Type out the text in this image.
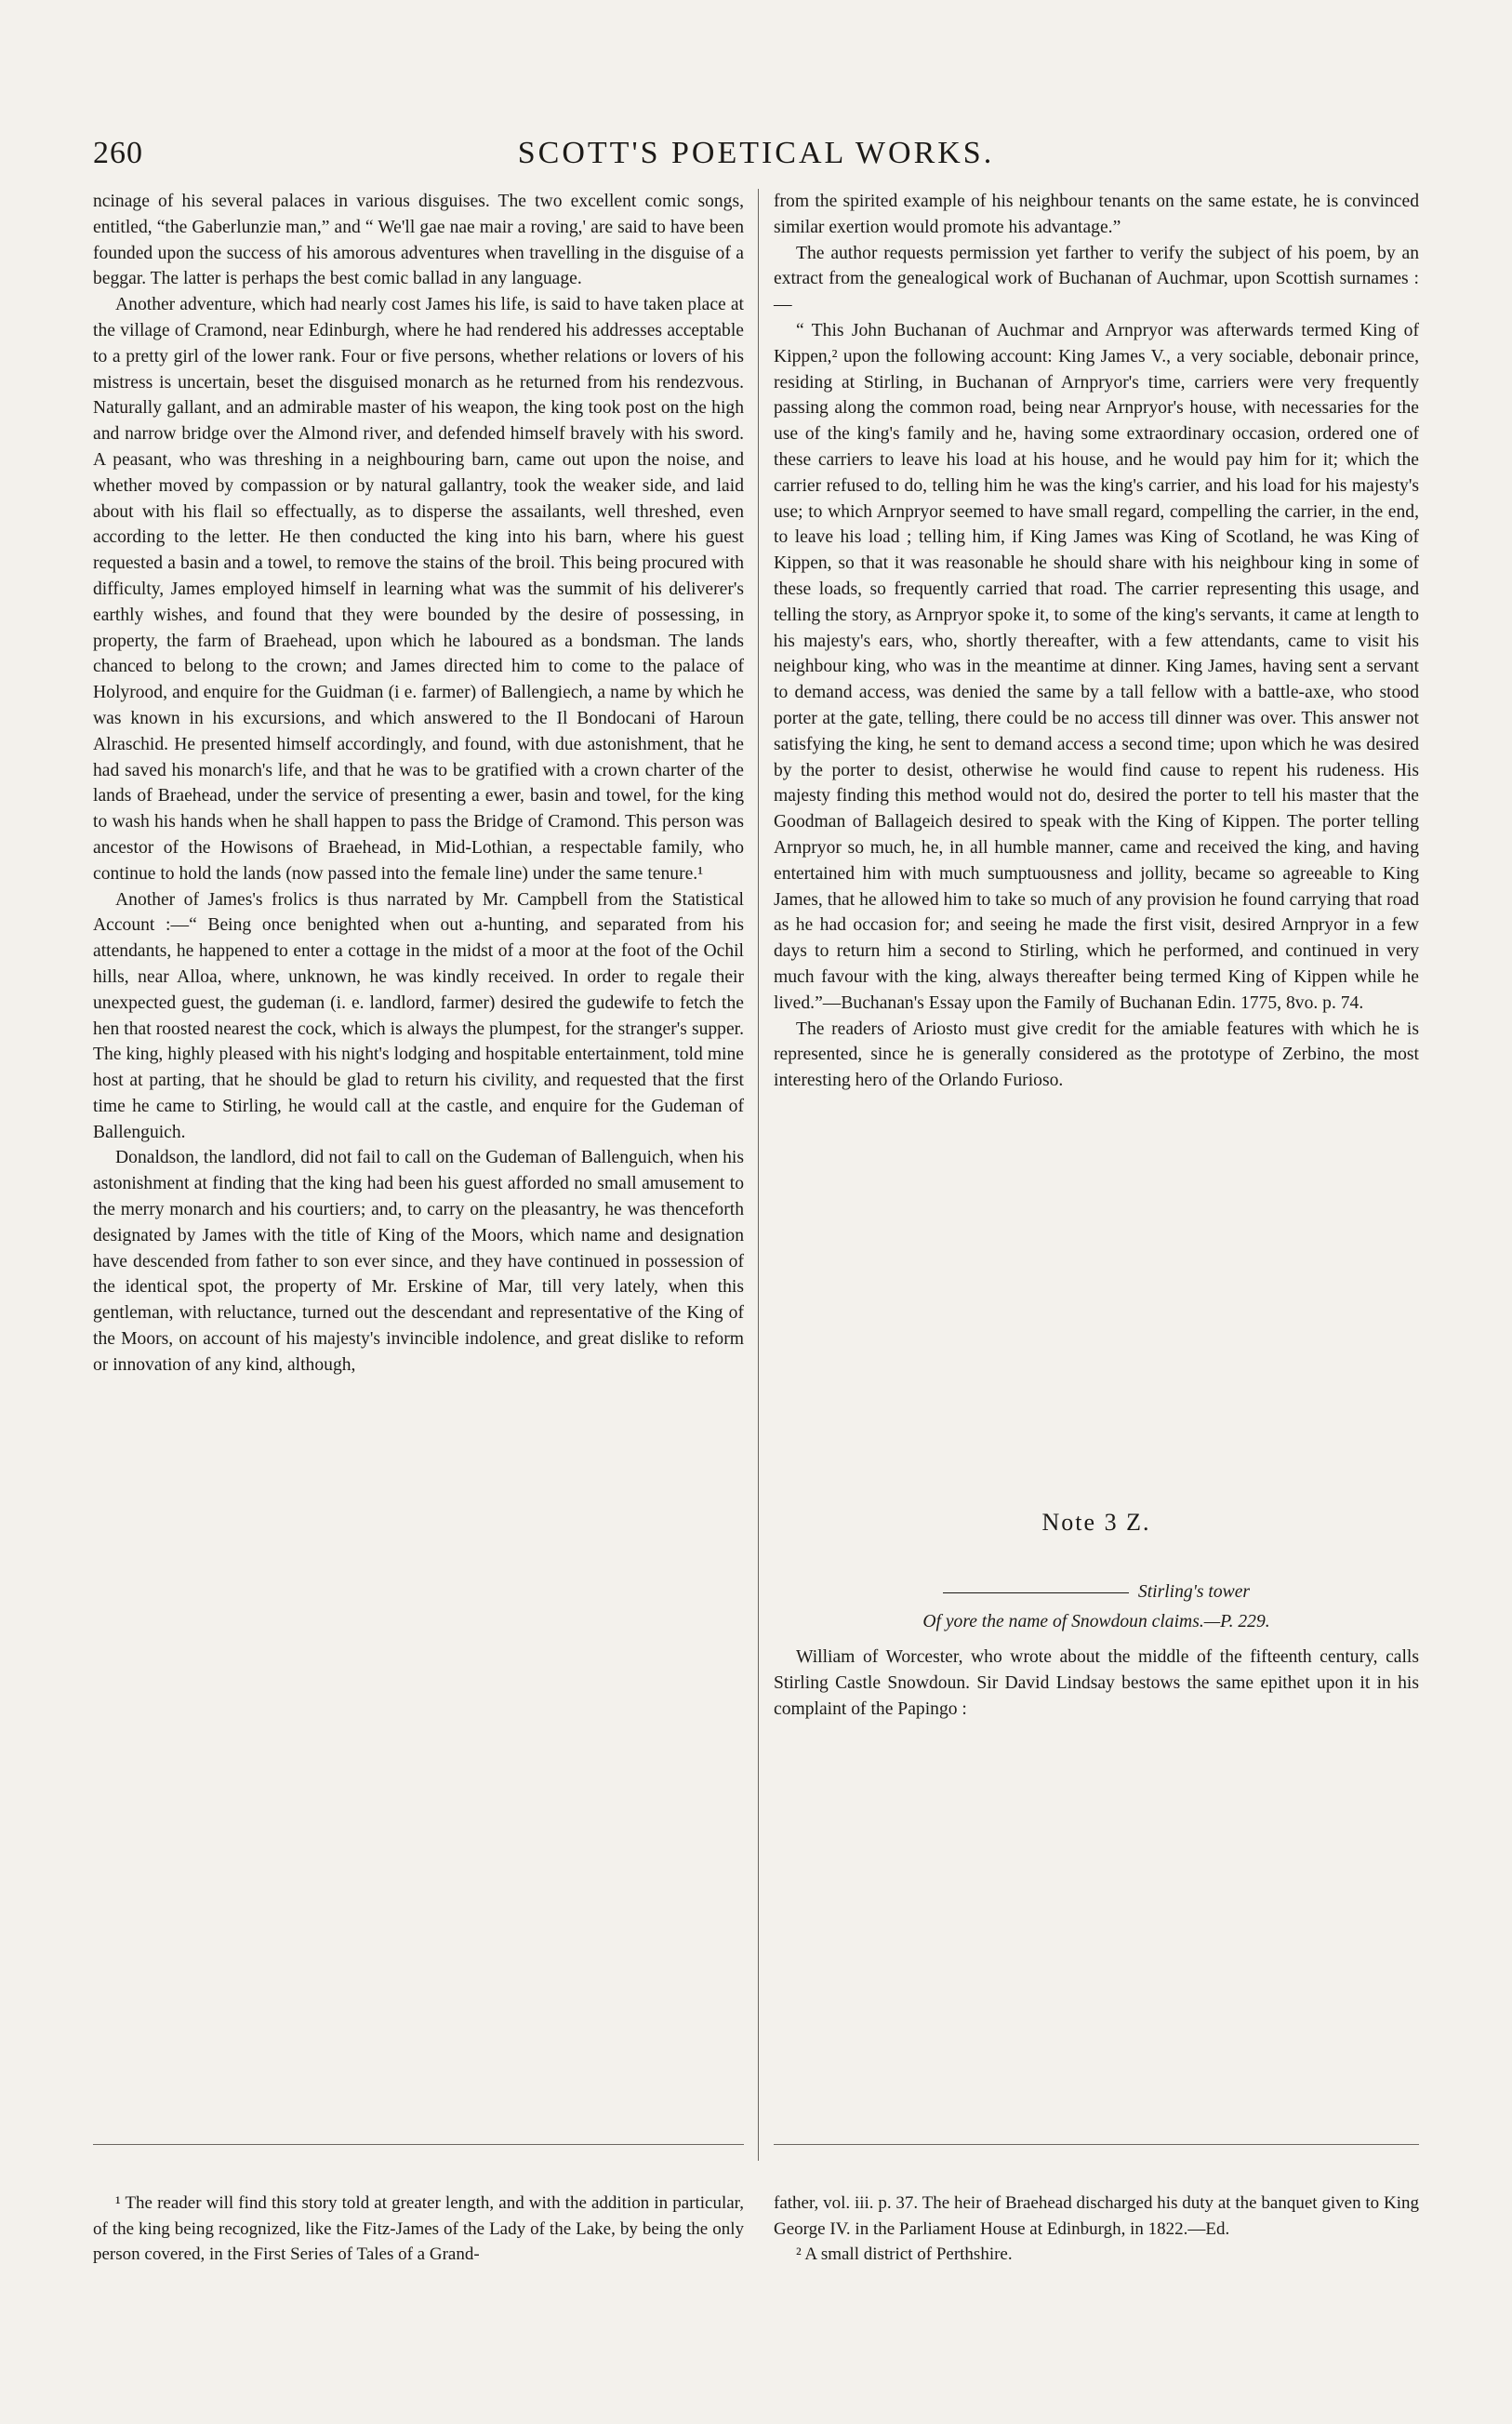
260	SCOTT'S POETICAL WORKS.

ncinage of his several palaces in various disguises. The two excellent comic songs, entitled, “the Gaberlunzie man,” and “ We'll gae nae mair a roving,' are said to have been founded upon the success of his amorous adventures when travelling in the disguise of a beggar. The latter is perhaps the best comic ballad in any language.

Another adventure, which had nearly cost James his life, is said to have taken place at the village of Cramond, near Edinburgh, where he had rendered his addresses acceptable to a pretty girl of the lower rank. Four or five persons, whether relations or lovers of his mistress is uncertain, beset the disguised monarch as he returned from his rendezvous. Naturally gallant, and an admirable master of his weapon, the king took post on the high and narrow bridge over the Almond river, and defended himself bravely with his sword. A peasant, who was threshing in a neighbouring barn, came out upon the noise, and whether moved by compassion or by natural gallantry, took the weaker side, and laid about with his flail so effectually, as to disperse the assailants, well threshed, even according to the letter. He then conducted the king into his barn, where his guest requested a basin and a towel, to remove the stains of the broil. This being procured with difficulty, James employed himself in learning what was the summit of his deliverer's earthly wishes, and found that they were bounded by the desire of possessing, in property, the farm of Braehead, upon which he laboured as a bondsman. The lands chanced to belong to the crown; and James directed him to come to the palace of Holyrood, and enquire for the Guidman (i e. farmer) of Ballengiech, a name by which he was known in his excursions, and which answered to the Il Bondocani of Haroun Alraschid. He presented himself accordingly, and found, with due astonishment, that he had saved his monarch's life, and that he was to be gratified with a crown charter of the lands of Braehead, under the service of presenting a ewer, basin and towel, for the king to wash his hands when he shall happen to pass the Bridge of Cramond. This person was ancestor of the Howisons of Braehead, in Mid-Lothian, a respectable family, who continue to hold the lands (now passed into the female line) under the same tenure.¹

Another of James's frolics is thus narrated by Mr. Campbell from the Statistical Account :—“ Being once benighted when out a-hunting, and separated from his attendants, he happened to enter a cottage in the midst of a moor at the foot of the Ochil hills, near Alloa, where, unknown, he was kindly received. In order to regale their unexpected guest, the gudeman (i. e. landlord, farmer) desired the gudewife to fetch the hen that roosted nearest the cock, which is always the plumpest, for the stranger's supper. The king, highly pleased with his night's lodging and hospitable entertainment, told mine host at parting, that he should be glad to return his civility, and requested that the first time he came to Stirling, he would call at the castle, and enquire for the Gudeman of Ballenguich.

Donaldson, the landlord, did not fail to call on the Gudeman of Ballenguich, when his astonishment at finding that the king had been his guest afforded no small amusement to the merry monarch and his courtiers; and, to carry on the pleasantry, he was thenceforth designated by James with the title of King of the Moors, which name and designation have descended from father to son ever since, and they have continued in possession of the identical spot, the property of Mr. Erskine of Mar, till very lately, when this gentleman, with reluctance, turned out the descendant and representative of the King of the Moors, on account of his majesty's invincible indolence, and great dislike to reform or innovation of any kind, although,

from the spirited example of his neighbour tenants on the same estate, he is convinced similar exertion would promote his advantage.”

The author requests permission yet farther to verify the subject of his poem, by an extract from the genealogical work of Buchanan of Auchmar, upon Scottish surnames :—

“ This John Buchanan of Auchmar and Arnpryor was afterwards termed King of Kippen,² upon the following account: King James V., a very sociable, debonair prince, residing at Stirling, in Buchanan of Arnpryor's time, carriers were very frequently passing along the common road, being near Arnpryor's house, with necessaries for the use of the king's family and he, having some extraordinary occasion, ordered one of these carriers to leave his load at his house, and he would pay him for it; which the carrier refused to do, telling him he was the king's carrier, and his load for his majesty's use; to which Arnpryor seemed to have small regard, compelling the carrier, in the end, to leave his load ; telling him, if King James was King of Scotland, he was King of Kippen, so that it was reasonable he should share with his neighbour king in some of these loads, so frequently carried that road. The carrier representing this usage, and telling the story, as Arnpryor spoke it, to some of the king's servants, it came at length to his majesty's ears, who, shortly thereafter, with a few attendants, came to visit his neighbour king, who was in the meantime at dinner. King James, having sent a servant to demand access, was denied the same by a tall fellow with a battle-axe, who stood porter at the gate, telling, there could be no access till dinner was over. This answer not satisfying the king, he sent to demand access a second time; upon which he was desired by the porter to desist, otherwise he would find cause to repent his rudeness. His majesty finding this method would not do, desired the porter to tell his master that the Goodman of Ballageich desired to speak with the King of Kippen. The porter telling Arnpryor so much, he, in all humble manner, came and received the king, and having entertained him with much sumptuousness and jollity, became so agreeable to King James, that he allowed him to take so much of any provision he found carrying that road as he had occasion for; and seeing he made the first visit, desired Arnpryor in a few days to return him a second to Stirling, which he performed, and continued in very much favour with the king, always thereafter being termed King of Kippen while he lived.”—Buchanan's Essay upon the Family of Buchanan Edin. 1775, 8vo. p. 74.

The readers of Ariosto must give credit for the amiable features with which he is represented, since he is generally considered as the prototype of Zerbino, the most interesting hero of the Orlando Furioso.

Note 3 Z.
Stirling's tower
Of yore the name of Snowdoun claims.—P. 229.

William of Worcester, who wrote about the middle of the fifteenth century, calls Stirling Castle Snowdoun. Sir David Lindsay bestows the same epithet upon it in his complaint of the Papingo :

¹ The reader will find this story told at greater length, and with the addition in particular, of the king being recognized, like the Fitz-James of the Lady of the Lake, by being the only person covered, in the First Series of Tales of a Grand-

father, vol. iii. p. 37. The heir of Braehead discharged his duty at the banquet given to King George IV. in the Parliament House at Edinburgh, in 1822.—Ed.

² A small district of Perthshire.
